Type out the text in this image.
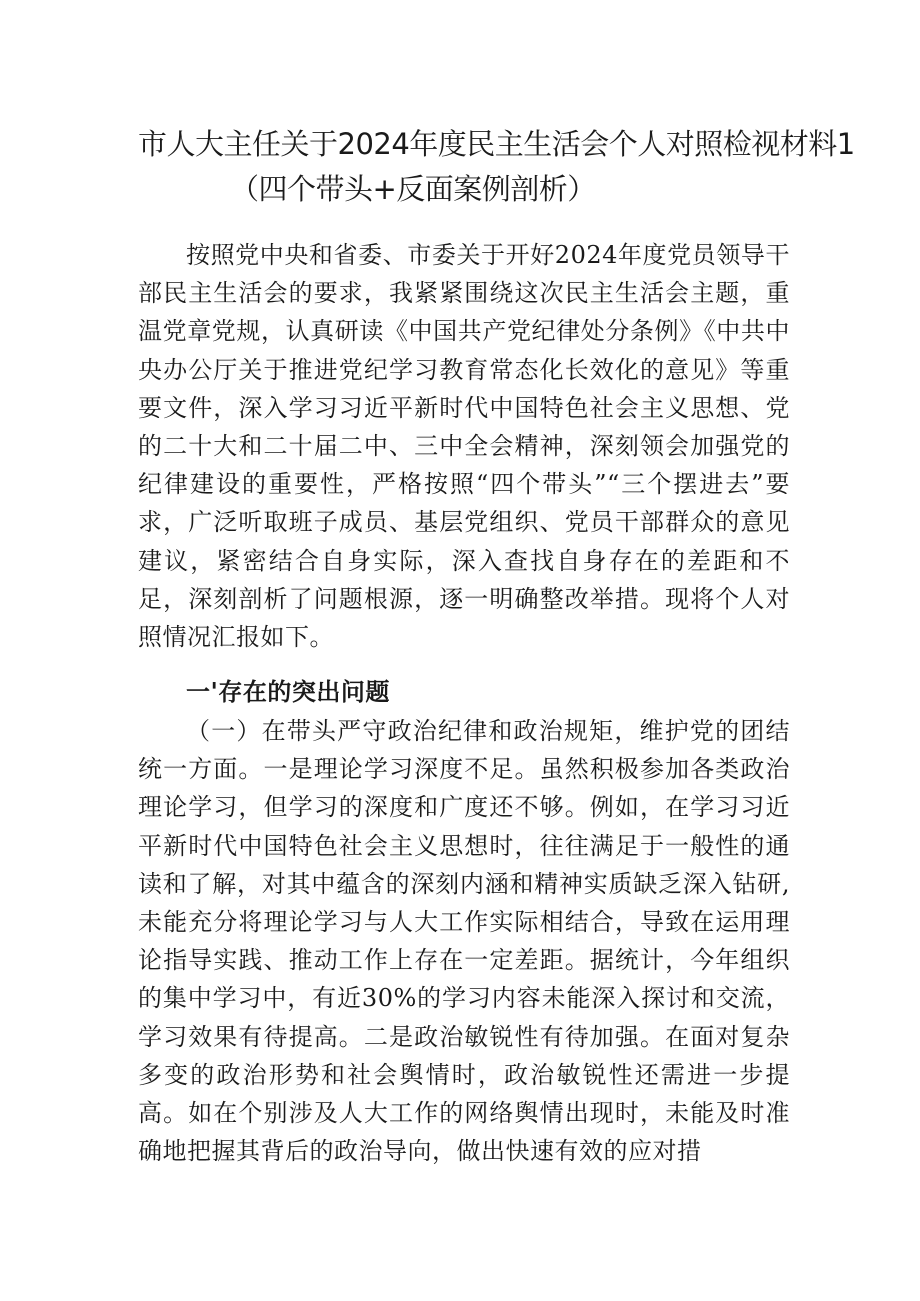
市人大主任关于2024年度民主生活会个人对照检视材料1
（四个带头+反面案例剖析）

按照党中央和省委、市委关于开好2024年度党员领导干部民主生活会的要求，我紧紧围绕这次民主生活会主题，重温党章党规，认真研读《中国共产党纪律处分条例》《中共中央办公厅关于推进党纪学习教育常态化长效化的意见》等重要文件，深入学习习近平新时代中国特色社会主义思想、党的二十大和二十届二中、三中全会精神，深刻领会加强党的纪律建设的重要性，严格按照“四个带头”“三个摆进去”要求，广泛听取班子成员、基层党组织、党员干部群众的意见建议，紧密结合自身实际，深入查找自身存在的差距和不足，深刻剖析了问题根源，逐一明确整改举措。现将个人对照情况汇报如下。

一'存在的突出问题

（一）在带头严守政治纪律和政治规矩，维护党的团结统一方面。一是理论学习深度不足。虽然积极参加各类政治理论学习，但学习的深度和广度还不够。例如，在学习习近平新时代中国特色社会主义思想时，往往满足于一般性的通读和了解，对其中蕴含的深刻内涵和精神实质缺乏深入钻研,未能充分将理论学习与人大工作实际相结合，导致在运用理论指导实践、推动工作上存在一定差距。据统计，今年组织的集中学习中，有近30%的学习内容未能深入探讨和交流，学习效果有待提高。二是政治敏锐性有待加强。在面对复杂多变的政治形势和社会舆情时，政治敏锐性还需进一步提高。如在个别涉及人大工作的网络舆情出现时，未能及时准确地把握其背后的政治导向，做出快速有效的应对措
